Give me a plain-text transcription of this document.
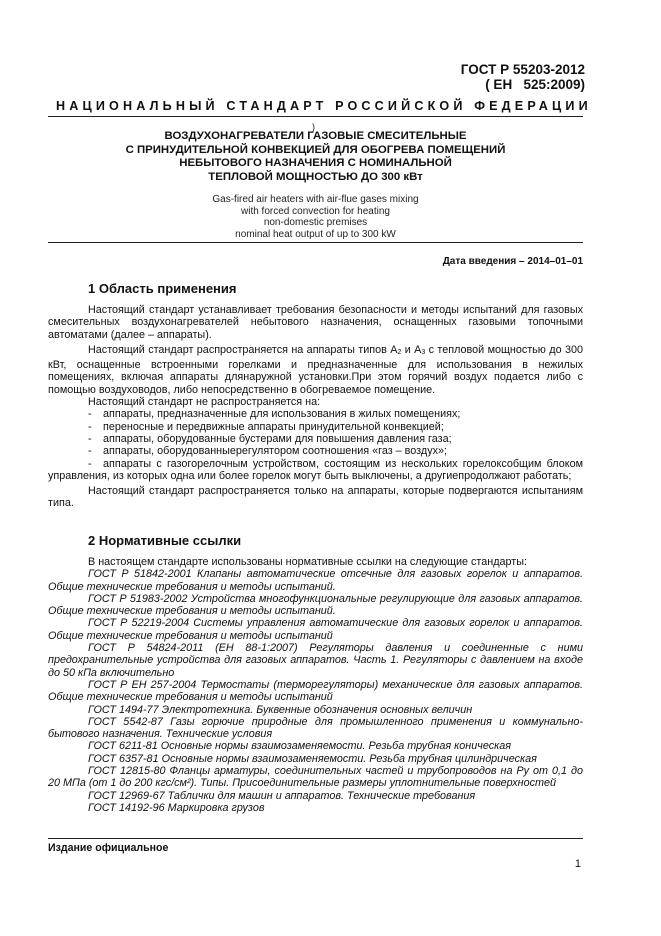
ГОСТ Р 55203-2012
( ЕН   525:2009)
НАЦИОНАЛЬНЫЙ СТАНДАРТ РОССИЙСКОЙ ФЕДЕРАЦИИ
)
ВОЗДУХОНАГРЕВАТЕЛИ ГАЗОВЫЕ СМЕСИТЕЛЬНЫЕ
С ПРИНУДИТЕЛЬНОЙ КОНВЕКЦИЕЙ ДЛЯ ОБОГРЕВА ПОМЕЩЕНИЙ
НЕБЫТОВОГО НАЗНАЧЕНИЯ С НОМИНАЛЬНОЙ
ТЕПЛОВОЙ МОЩНОСТЬЮ ДО 300 кВт
Gas-fired air heaters with air-flue gases mixing
with forced convection for heating
non-domestic premises
nominal heat output of up to 300 kW
Дата введения – 2014–01–01
1 Область применения
Настоящий стандарт устанавливает требования безопасности и методы испытаний для газовых смесительных воздухонагревателей небытового назначения, оснащенных газовыми топочными автоматами (далее – аппараты).
Настоящий стандарт распространяется на аппараты типов $А_2$ и $А_3$ с тепловой мощностью до 300 кВт, оснащенные встроенными горелками и предназначенные для использования в нежилых помещениях, включая аппараты длянаружной установки.При этом горячий воздух подается либо с помощью воздуховодов, либо непосредственно в обогреваемое помещение.
Настоящий стандарт не распространяется на:
-	аппараты, предназначенные для использования в жилых помещениях;
-	переносные и передвижные аппараты принудительной конвекцией;
-	аппараты, оборудованные бустерами для повышения давления газа;
-	аппараты, оборудованныерегулятором соотношения «газ – воздух»;
-	аппараты с газогорелочным устройством, состоящим из нескольких горелоксобщим блоком управления, из которых одна или более горелок могут быть выключены, а другиепродолжают работать;
Настоящий стандарт распространяется только на аппараты, которые подвергаются испытаниям типа.
2 Нормативные ссылки
В настоящем стандарте использованы нормативные ссылки на следующие стандарты:
ГОСТ Р 51842-2001 Клапаны автоматические отсечные для газовых горелок и аппаратов. Общие технические требования и методы испытаний.
ГОСТ Р 51983-2002 Устройства многофункциональные регулирующие для газовых аппаратов. Общие технические требования и методы испытаний.
ГОСТ Р 52219-2004 Системы управления автоматические для газовых горелок и аппаратов. Общие технические требования и методы испытаний
ГОСТ Р 54824-2011 (ЕН 88-1:2007) Регуляторы давления и соединенные с ними предохранительные устройства для газовых аппаратов. Часть 1. Регуляторы с давлением на входе до 50 кПа включительно
ГОСТ Р ЕН 257-2004 Термостаты (терморегуляторы) механические для газовых аппаратов. Общие технические требования и методы испытаний
ГОСТ 1494-77 Электротехника. Буквенные обозначения основных величин
ГОСТ 5542-87 Газы горючие природные для промышленного применения и коммунально-бытового назначения. Технические условия
ГОСТ 6211-81 Основные нормы взаимозаменяемости. Резьба трубная коническая
ГОСТ 6357-81 Основные нормы взаимозаменяемости. Резьба трубная цилиндрическая
ГОСТ 12815-80 Фланцы арматуры, соединительных частей и трубопроводов на Ру от 0,1 до 20 МПа (от 1 до 200 кгс/см²). Типы. Присоединительные размеры уплотнительные поверхностей
ГОСТ 12969-67 Таблички для машин и аппаратов. Технические требования
ГОСТ 14192-96 Маркировка грузов
Издание официальное
1
